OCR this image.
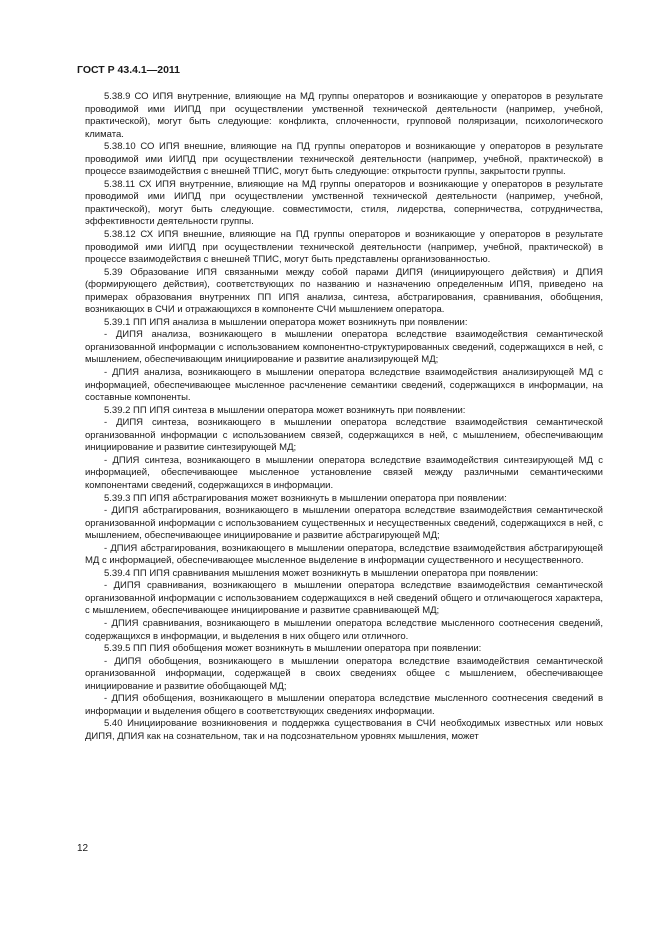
ГОСТ Р 43.4.1—2011

5.38.9 СО ИПЯ внутренние, влияющие на МД группы операторов и возникающие у операторов в результате проводимой ими ИИПД при осуществлении умственной технической деятельности (например, учебной, практической), могут быть следующие: конфликта, сплоченности, групповой поляризации, психологического климата.

5.38.10 СО ИПЯ внешние, влияющие на ПД группы операторов и возникающие у операторов в результате проводимой ими ИИПД при осуществлении технической деятельности (например, учебной, практической) в процессе взаимодействия с внешней ТПИС, могут быть следующие: открытости группы, закрытости группы.

5.38.11 СХ ИПЯ внутренние, влияющие на МД группы операторов и возникающие у операторов в результате проводимой ими ИИПД при осуществлении умственной технической деятельности (например, учебной, практической), могут быть следующие. совместимости, стиля, лидерства, соперничества, сотрудничества, эффективности деятельности группы.

5.38.12 СХ ИПЯ внешние, влияющие на ПД группы операторов и возникающие у операторов в результате проводимой ими ИИПД при осуществлении технической деятельности (например, учебной, практической) в процессе взаимодействия с внешней ТПИС, могут быть представлены организованностью.

5.39 Образование ИПЯ связанными между собой парами ДИПЯ (инициирующего действия) и ДПИЯ (формирующего действия), соответствующих по названию и назначению определенным ИПЯ, приведено на примерах образования внутренних ПП ИПЯ анализа, синтеза, абстрагирования, сравнивания, обобщения, возникающих в СЧИ и отражающихся в компоненте СЧИ мышлением оператора.

5.39.1 ПП ИПЯ анализа в мышлении оператора может возникнуть при появлении:

- ДИПЯ анализа, возникающего в мышлении оператора вследствие взаимодействия семантической организованной информации с использованием компонентно-структурированных сведений, содержащихся в ней, с мышлением, обеспечивающим инициирование и развитие анализирующей МД;

- ДПИЯ анализа, возникающего в мышлении оператора вследствие взаимодействия анализирующей МД с информацией, обеспечивающее мысленное расчленение семантики сведений, содержащихся в информации, на составные компоненты.

5.39.2 ПП ИПЯ синтеза в мышлении оператора может возникнуть при появлении:

- ДИПЯ синтеза, возникающего в мышлении оператора вследствие взаимодействия семантической организованной информации с использованием связей, содержащихся в ней, с мышлением, обеспечивающим инициирование и развитие синтезирующей МД;

- ДПИЯ синтеза, возникающего в мышлении оператора вследствие взаимодействия синтезирующей МД с информацией, обеспечивающее мысленное установление связей между различными семантическими компонентами сведений, содержащихся в информации.

5.39.3 ПП ИПЯ абстрагирования может возникнуть в мышлении оператора при появлении:

- ДИПЯ абстрагирования, возникающего в мышлении оператора вследствие взаимодействия семантической организованной информации с использованием существенных и несущественных сведений, содержащихся в ней, с мышлением, обеспечивающее инициирование и развитие абстрагирующей МД;

- ДПИЯ абстрагирования, возникающего в мышлении оператора, вследствие взаимодействия абстрагирующей МД с информацией, обеспечивающее мысленное выделение в информации существенного и несущественного.

5.39.4 ПП ИПЯ сравнивания мышления может возникнуть в мышлении оператора при появлении:

- ДИПЯ сравнивания, возникающего в мышлении оператора вследствие взаимодействия семантической организованной информации с использованием содержащихся в ней сведений общего и отличающегося характера, с мышлением, обеспечивающее инициирование и развитие сравнивающей МД;

- ДПИЯ сравнивания, возникающего в мышлении оператора вследствие мысленного соотнесения сведений, содержащихся в информации, и выделения в них общего или отличного.

5.39.5 ПП ПИЯ обобщения может возникнуть в мышлении оператора при появлении:

- ДИПЯ обобщения, возникающего в мышлении оператора вследствие взаимодействия семантической организованной информации, содержащей в своих сведениях общее с мышлением, обеспечивающее инициирование и развитие обобщающей МД;

- ДПИЯ обобщения, возникающего в мышлении оператора вследствие мысленного соотнесения сведений в информации и выделения общего в соответствующих сведениях информации.

5.40 Инициирование возникновения и поддержка существования в СЧИ необходимых известных или новых ДИПЯ, ДПИЯ как на сознательном, так и на подсознательном уровнях мышления, может

12
